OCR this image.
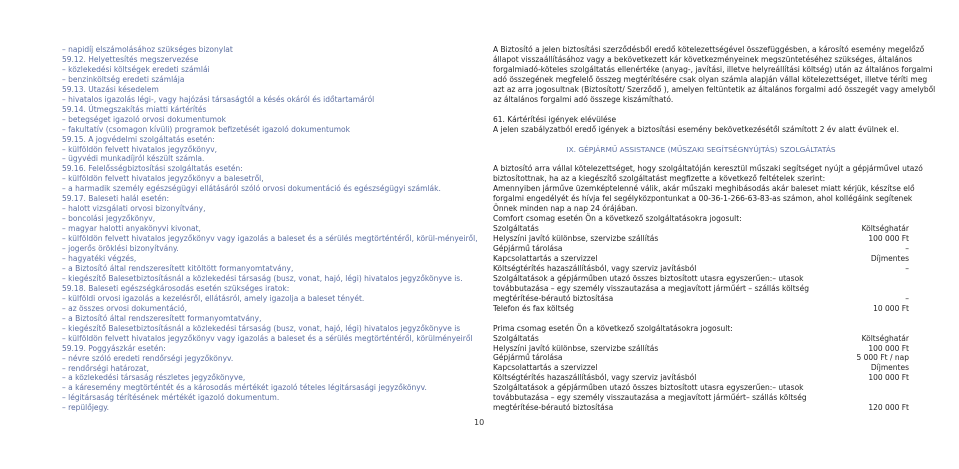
– napidíj elszámolásához szükséges bizonylat
59.12. Helyettesítés megszervezése
– közlekedési költségek eredeti számlái
– benzinköltség eredeti számlája
59.13. Utazási késedelem
– hivatalos igazolás légi-, vagy hajózási társaságtól a késés okáról és időtartamáról
59.14. Útmegszakítás miatti kártérítés
– betegséget igazoló orvosi dokumentumok
– fakultatív (csomagon kívüli) programok befizetését igazoló dokumentumok
59.15. A jogvédelmi szolgáltatás esetén:
– külföldön felvett hivatalos jegyzőkönyv,
– ügyvédi munkadíjról készült számla.
59.16. Felelősségbiztosítási szolgáltatás esetén:
– külföldön felvett hivatalos jegyzőkönyv a balesetről,
– a harmadik személy egészségügyi ellátásáról szóló orvosi dokumentáció és egészségügyi számlák.
59.17. Baleseti halál esetén:
– halott vizsgálati orvosi bizonyítvány,
– boncolási jegyzőkönyv,
– magyar halotti anyakönyvi kivonat,
– külföldön felvett hivatalos jegyzőkönyv vagy igazolás a baleset és a sérülés megtörténtéről, körül-ményeiről,
– jogerős öröklési bizonyítvány.
– hagyatéki végzés,
– a Biztosító által rendszeresített kitöltött formanyomtatvány,
– kiegészítő Balesetbiztosításnál a közlekedési társaság (busz, vonat, hajó, légi) hivatalos jegyzőkönyve is.
59.18. Baleseti egészségkárosodás esetén szükséges iratok:
– külföldi orvosi igazolás a kezelésről, ellátásról, amely igazolja a baleset tényét.
– az összes orvosi dokumentáció,
– a Biztosító által rendszeresített formanyomtatvány,
– kiegészítő Balesetbiztosításnál a közlekedési társaság (busz, vonat, hajó, légi) hivatalos jegyzőkönyve is
– külföldön felvett hivatalos jegyzőkönyv vagy igazolás a baleset és a sérülés megtörténtéről, körülményeiről
59.19. Poggyászkár esetén:
– névre szóló eredeti rendőrségi jegyzőkönyv.
– rendőrségi határozat,
– a közlekedési társaság részletes jegyzőkönyve,
– a káresemény megtörténtét és a károsodás mértékét igazoló tételes légitársasági jegyzőkönyv.
– légitársaság térítésének mértékét igazoló dokumentum.
– repülőjegy.
10
A Biztosító a jelen biztosítási szerződésből eredő kötelezettségével összefüggésben, a károsító esemény megelőző
állapot visszaállításához vagy a bekövetkezett kár következményeinek megszüntetéséhez szükséges, általános
forgalmiadó-köteles szolgáltatás ellenértéke (anyag-, javítási, illetve helyreállítási költség) után az általános forgalmi
adó összegének megfelelő összeg megtérítésére csak olyan számla alapján vállal kötelezettséget, illetve téríti meg
azt az arra jogosultnak (Biztosított/ Szerződő ), amelyen feltüntetik az általános forgalmi adó összegét vagy amelyből
az általános forgalmi adó összege kiszámítható.
61. Kártérítési igények elévülése
A jelen szabályzatból eredő igények a biztosítási esemény bekövetkezésétől számított 2 év alatt évülnek el.
IX. GÉPJÁRMŰ ASSISTANCE (MŰSZAKI SEGÍTSÉGNYÚJTÁS) SZOLGÁLTATÁS
A biztosító arra vállal kötelezettséget, hogy szolgáltatóján keresztül műszaki segítséget nyújt a gépjárművel utazó
biztosítottnak, ha az a kiegészítő szolgáltatást megfizette a következő feltételek szerint:
Amennyiben járműve üzemképtelenné válik, akár műszaki meghibásodás akár baleset miatt kérjük, készítse elő
forgalmi engedélyét és hívja fel segélyközpontunkat a 00-36-1-266-63-83-as számon, ahol kollégáink segítenek
Önnek minden nap a nap 24 órájában.
Comfort csomag esetén Ön a következő szolgáltatásokra jogosult:
Szolgáltatás	Költséghatár
Helyszíni javító különbse, szervizbe szállítás	100 000 Ft
Gépjármű tárolása	–
Kapcsolattartás a szervizzel	Díjmentes
Költségtérítés hazaszállításból, vagy szerviz javításból	–
Szolgáltatások a gépjárműben utazó összes biztosított utasra egyszerűen:– utasok
továbbutazása – egy személy visszautazása a megjavított járműért – szállás költség
megtérítése-bérautó biztosítása	–
Telefon és fax költség	10 000 Ft
Prima csomag esetén Ön a következő szolgáltatásokra jogosult:
Szolgáltatás	Költséghatár
Helyszíni javító különbse, szervizbe szállítás	100 000 Ft
Gépjármű tárolása	5 000 Ft / nap
Kapcsolattartás a szervizzel	Díjmentes
Költségtérítés hazaszállításból, vagy szerviz javításból	100 000 Ft
Szolgáltatások a gépjárműben utazó összes biztosított utasra egyszerűen:– utasok
továbbutazása – egy személy visszautazása a megjavított járműért– szállás költség
megtérítése-bérautó biztosítása	120 000 Ft
